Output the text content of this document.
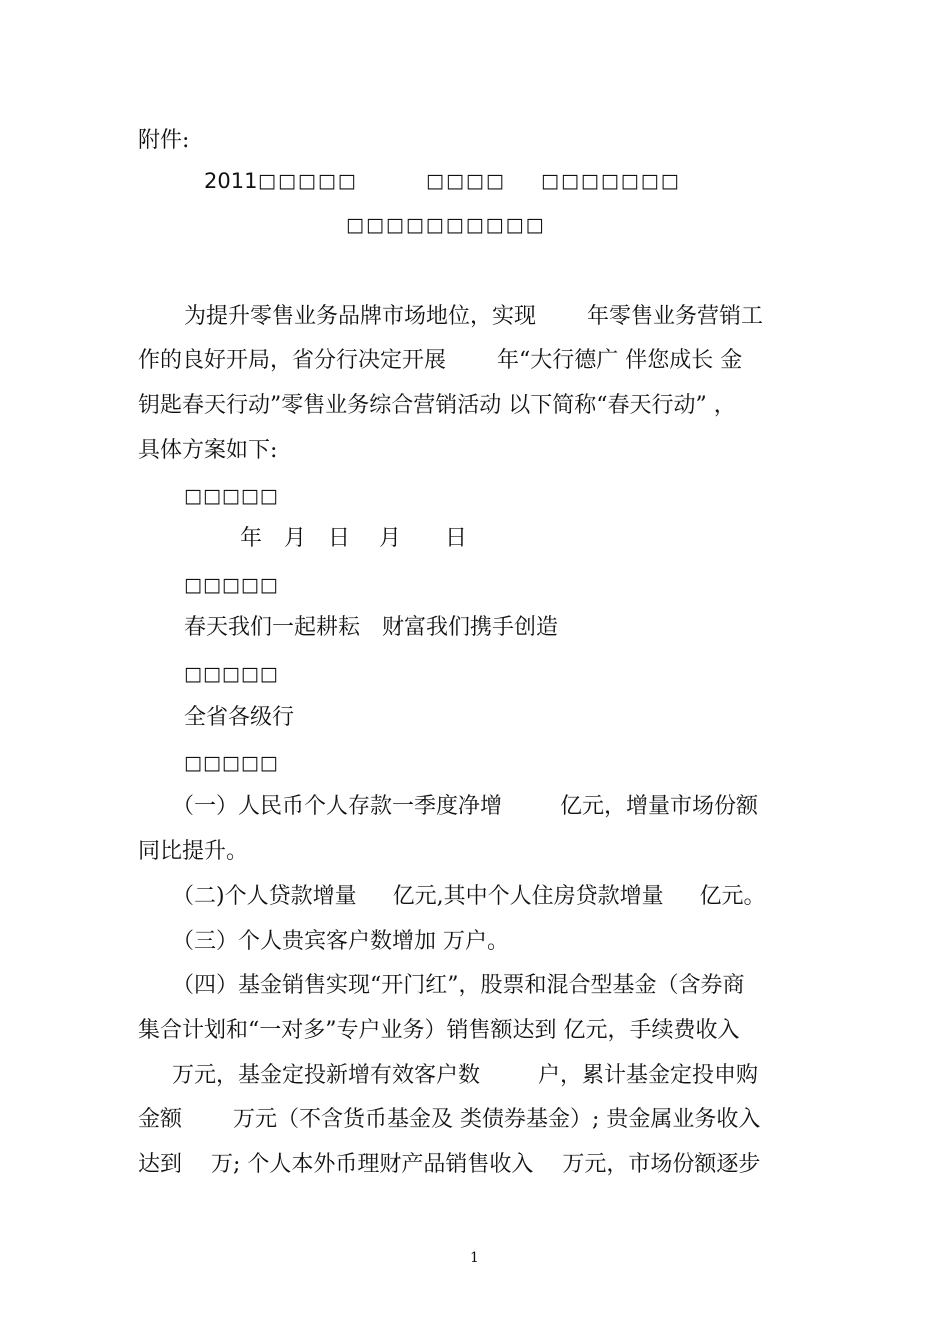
附件:

2011 □□□□□	□□□□ □□□□□□□
□□□□□□□□□□

为提升零售业务品牌市场地位，实现 　　年零售业务营销工

作的良好开局，省分行决定开展 　　年“大行德广 伴您成长 金

钥匙春天行动”零售业务综合营销活动 以下简称“春天行动” ，

具体方案如下:

□□□□□

年　月　日　 月　　日

□□□□□

春天我们一起耕耘　财富我们携手创造

□□□□□

全省各级行

□□□□□

（一）人民币个人存款一季度净增 　　 亿元，增量市场份额

同比提升。

（二)个人贷款增量 　 亿元,其中个人住房贷款增量 　 亿元。

（三）个人贵宾客户数增加 万户。

（四）基金销售实现“开门红”，股票和混合型基金（含券商

集合计划和“一对多”专户业务）销售额达到 亿元，手续费收入

万元，基金定投新增有效客户数 　　 户，累计基金定投申购

金额 　　万元（不含货币基金及 类债券基金）; 贵金属业务收入

达到 　万; 个人本外币理财产品销售收入 　万元，市场份额逐步

1
